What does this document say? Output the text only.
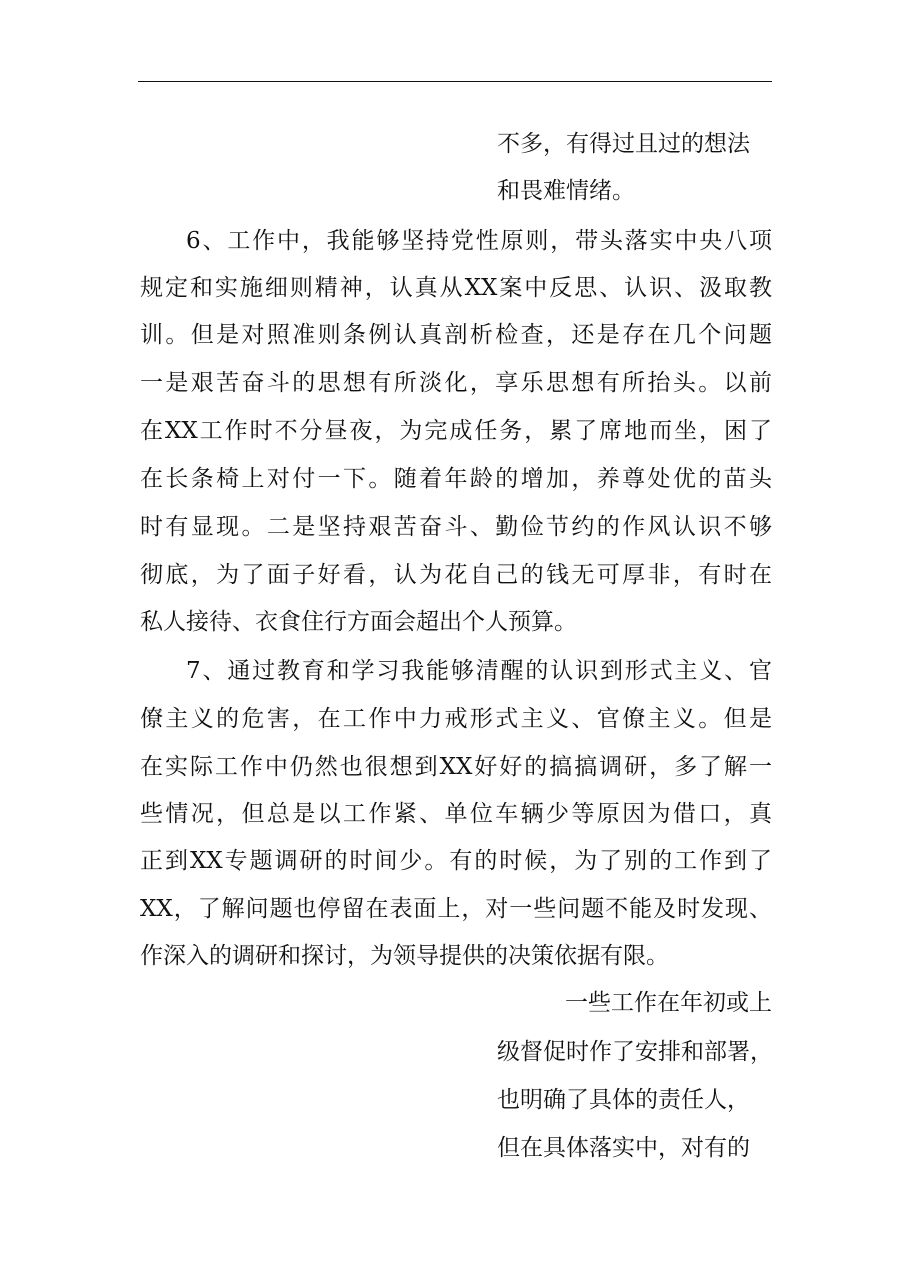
不多，有得过且过的想法
和畏难情绪。
6、工作中，我能够坚持党性原则，带头落实中央八项
规定和实施细则精神，认真从XX案中反思、认识、汲取教
训。但是对照准则条例认真剖析检查，还是存在几个问题
一是艰苦奋斗的思想有所淡化，享乐思想有所抬头。以前
在XX工作时不分昼夜，为完成任务，累了席地而坐，困了
在长条椅上对付一下。随着年龄的增加，养尊处优的苗头
时有显现。二是坚持艰苦奋斗、勤俭节约的作风认识不够
彻底，为了面子好看，认为花自己的钱无可厚非，有时在
私人接待、衣食住行方面会超出个人预算。
7、通过教育和学习我能够清醒的认识到形式主义、官
僚主义的危害，在工作中力戒形式主义、官僚主义。但是
在实际工作中仍然也很想到XX好好的搞搞调研，多了解一
些情况，但总是以工作紧、单位车辆少等原因为借口，真
正到XX专题调研的时间少。有的时候，为了别的工作到了
XX，了解问题也停留在表面上，对一些问题不能及时发现、
作深入的调研和探讨，为领导提供的决策依据有限。
一些工作在年初或上
级督促时作了安排和部署，
也明确了具体的责任人，
但在具体落实中，对有的
